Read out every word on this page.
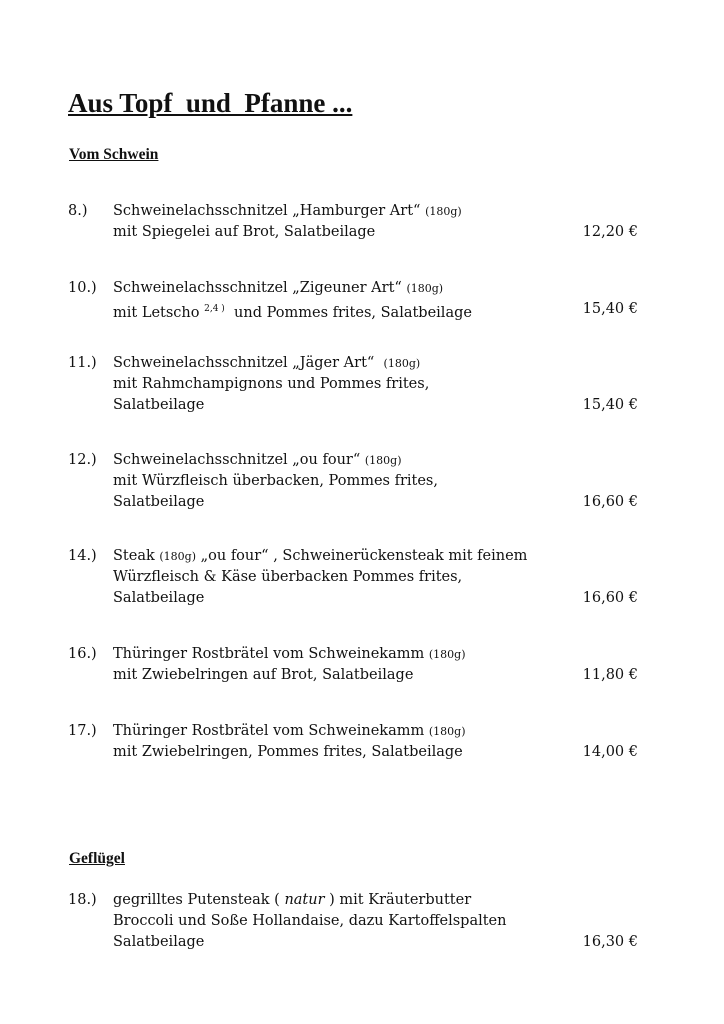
Aus Topf  und  Pfanne ...
Vom Schwein
8.) Schweinelachsschnitzel „Hamburger Art“ (180g)
mit Spiegelei auf Brot, Salatbeilage	12,20 €
10.) Schweinelachsschnitzel „Zigeuner Art“ (180g)
mit Letscho $^{2,4 )}$ und Pommes frites, Salatbeilage	15,40 €
11.) Schweinelachsschnitzel „Jäger Art“ (180g)
mit Rahmchampignons und Pommes frites,
Salatbeilage	15,40 €
12.) Schweinelachsschnitzel „ou four“ (180g)
mit Würzfleisch überbacken, Pommes frites,
Salatbeilage	16,60 €
14.) Steak (180g) „ou four“ , Schweinerückensteak mit feinem
Würzfleisch & Käse überbacken Pommes frites,
Salatbeilage	16,60 €
16.) Thüringer Rostbrätel vom Schweinekamm (180g)
mit Zwiebelringen auf Brot, Salatbeilage	11,80 €
17.) Thüringer Rostbrätel vom Schweinekamm (180g)
mit Zwiebelringen, Pommes frites, Salatbeilage	14,00 €
Geflügel
18.) gegrilltes Putensteak ( natur ) mit Kräuterbutter
Broccoli und Soße Hollandaise, dazu Kartoffelspalten
Salatbeilage	16,30 €
